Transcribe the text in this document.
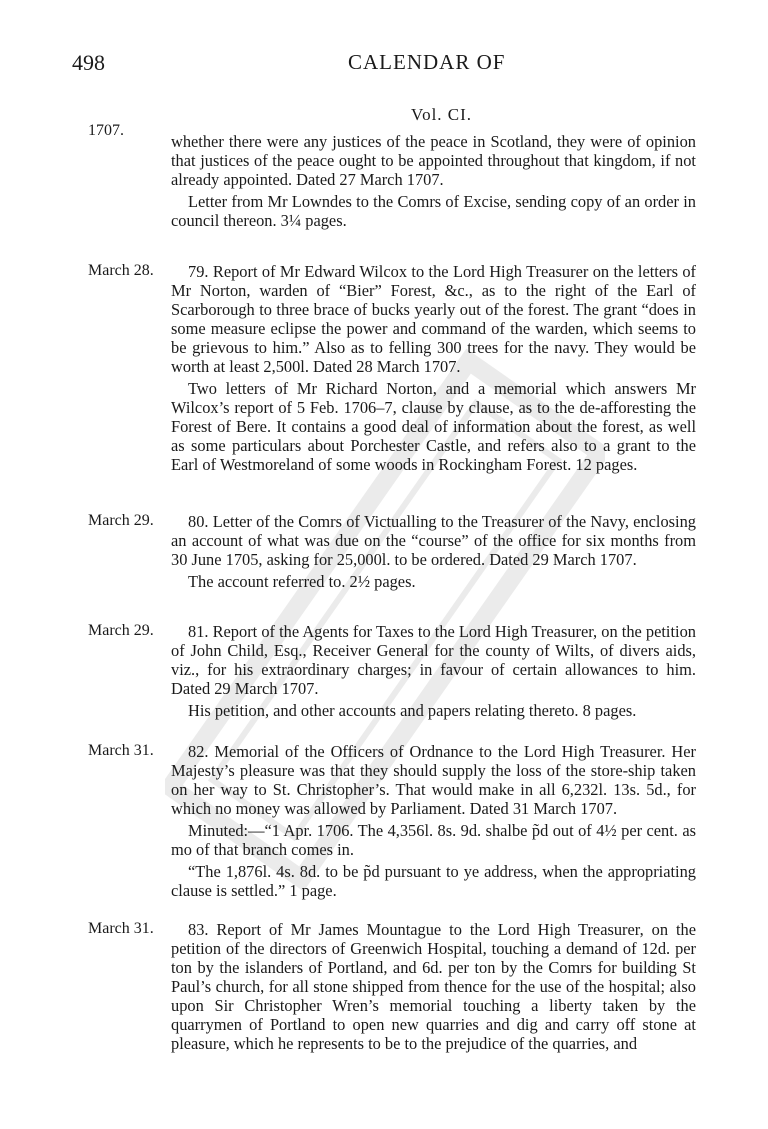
498	CALENDAR OF
Vol. CI.
1707.

whether there were any justices of the peace in Scotland, they were of opinion that justices of the peace ought to be appointed throughout that kingdom, if not already appointed. Dated 27 March 1707.

Letter from Mr Lowndes to the Comrs of Excise, sending copy of an order in council thereon. 3¼ pages.

March 28.	79. Report of Mr Edward Wilcox to the Lord High Treasurer on the letters of Mr Norton, warden of “Bier” Forest, &c., as to the right of the Earl of Scarborough to three brace of bucks yearly out of the forest. The grant “does in some measure eclipse the power and command of the warden, which seems to be grievous to him.” Also as to felling 300 trees for the navy. They would be worth at least 2,500l. Dated 28 March 1707.

Two letters of Mr Richard Norton, and a memorial which answers Mr Wilcox’s report of 5 Feb. 1706–7, clause by clause, as to the de-afforesting the Forest of Bere. It contains a good deal of information about the forest, as well as some particulars about Porchester Castle, and refers also to a grant to the Earl of Westmoreland of some woods in Rockingham Forest. 12 pages.

March 29.	80. Letter of the Comrs of Victualling to the Treasurer of the Navy, enclosing an account of what was due on the “course” of the office for six months from 30 June 1705, asking for 25,000l. to be ordered. Dated 29 March 1707.

The account referred to. 2½ pages.

March 29.	81. Report of the Agents for Taxes to the Lord High Treasurer, on the petition of John Child, Esq., Receiver General for the county of Wilts, of divers aids, viz., for his extraordinary charges; in favour of certain allowances to him. Dated 29 March 1707.

His petition, and other accounts and papers relating thereto. 8 pages.

March 31.	82. Memorial of the Officers of Ordnance to the Lord High Treasurer. Her Majesty’s pleasure was that they should supply the loss of the store-ship taken on her way to St. Christopher’s. That would make in all 6,232l. 13s. 5d., for which no money was allowed by Parliament. Dated 31 March 1707.

Minuted:—“1 Apr. 1706. The 4,356l. 8s. 9d. shalbe p̃d out of 4½ per cent. as mo of that branch comes in.

“The 1,876l. 4s. 8d. to be p̃d pursuant to ye address, when the appropriating clause is settled.” 1 page.

March 31.	83. Report of Mr James Mountague to the Lord High Treasurer, on the petition of the directors of Greenwich Hospital, touching a demand of 12d. per ton by the islanders of Portland, and 6d. per ton by the Comrs for building St Paul’s church, for all stone shipped from thence for the use of the hospital; also upon Sir Christopher Wren’s memorial touching a liberty taken by the quarrymen of Portland to open new quarries and dig and carry off stone at pleasure, which he represents to be to the prejudice of the quarries, and
